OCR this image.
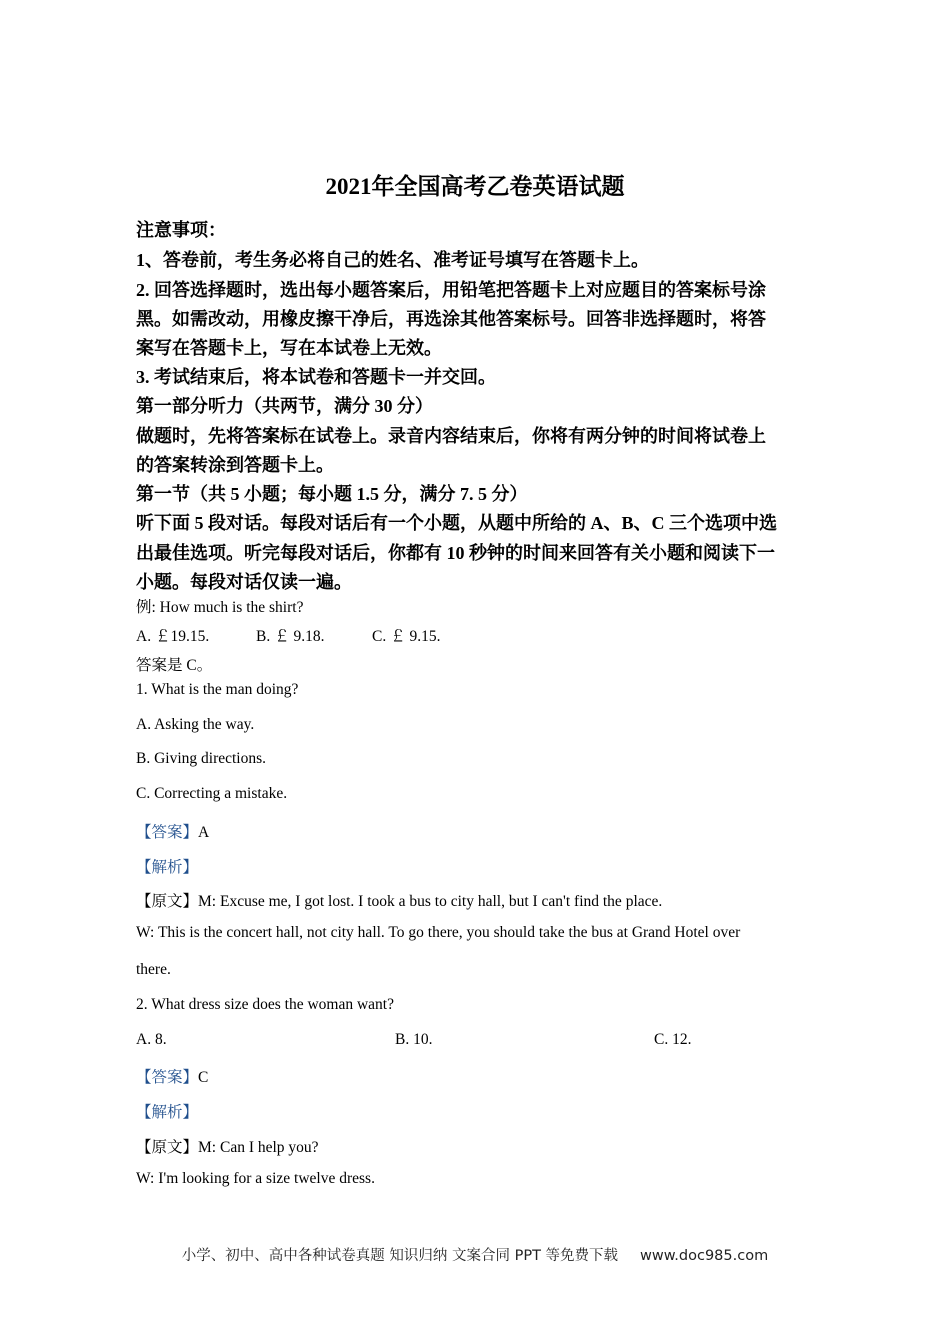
2021年全国高考乙卷英语试题
注意事项：
1、答卷前，考生务必将自己的姓名、准考证号填写在答题卡上。
2. 回答选择题时，选出每小题答案后，用铅笔把答题卡上对应题目的答案标号涂
黑。如需改动，用橡皮擦干净后，再选涂其他答案标号。回答非选择题时，将答
案写在答题卡上，写在本试卷上无效。
3. 考试结束后，将本试卷和答题卡一并交回。
第一部分听力（共两节，满分 30 分）
做题时，先将答案标在试卷上。录音内容结束后，你将有两分钟的时间将试卷上
的答案转涂到答题卡上。
第一节（共 5 小题；每小题 1.5 分，满分 7. 5 分）
听下面 5 段对话。每段对话后有一个小题，从题中所给的 A、B、C 三个选项中选
出最佳选项。听完每段对话后，你都有 10 秒钟的时间来回答有关小题和阅读下一
小题。每段对话仅读一遍。
例: How much is the shirt?
A. ￡19.15.	B. ￡ 9.18.	C. ￡ 9.15.
答案是 C。
1. What is the man doing?
A. Asking the way.
B. Giving directions.
C. Correcting a mistake.
【答案】A
【解析】
【原文】M: Excuse me, I got lost. I took a bus to city hall, but I can't find the place.
W: This is the concert hall, not city hall. To go there, you should take the bus at Grand Hotel over
there.
2. What dress size does the woman want?
A. 8.	B. 10.	C. 12.
【答案】C
【解析】
【原文】M: Can I help you?
W: I'm looking for a size twelve dress.
小学、初中、高中各种试卷真题 知识归纳 文案合同 PPT 等免费下载 www.doc985.com
